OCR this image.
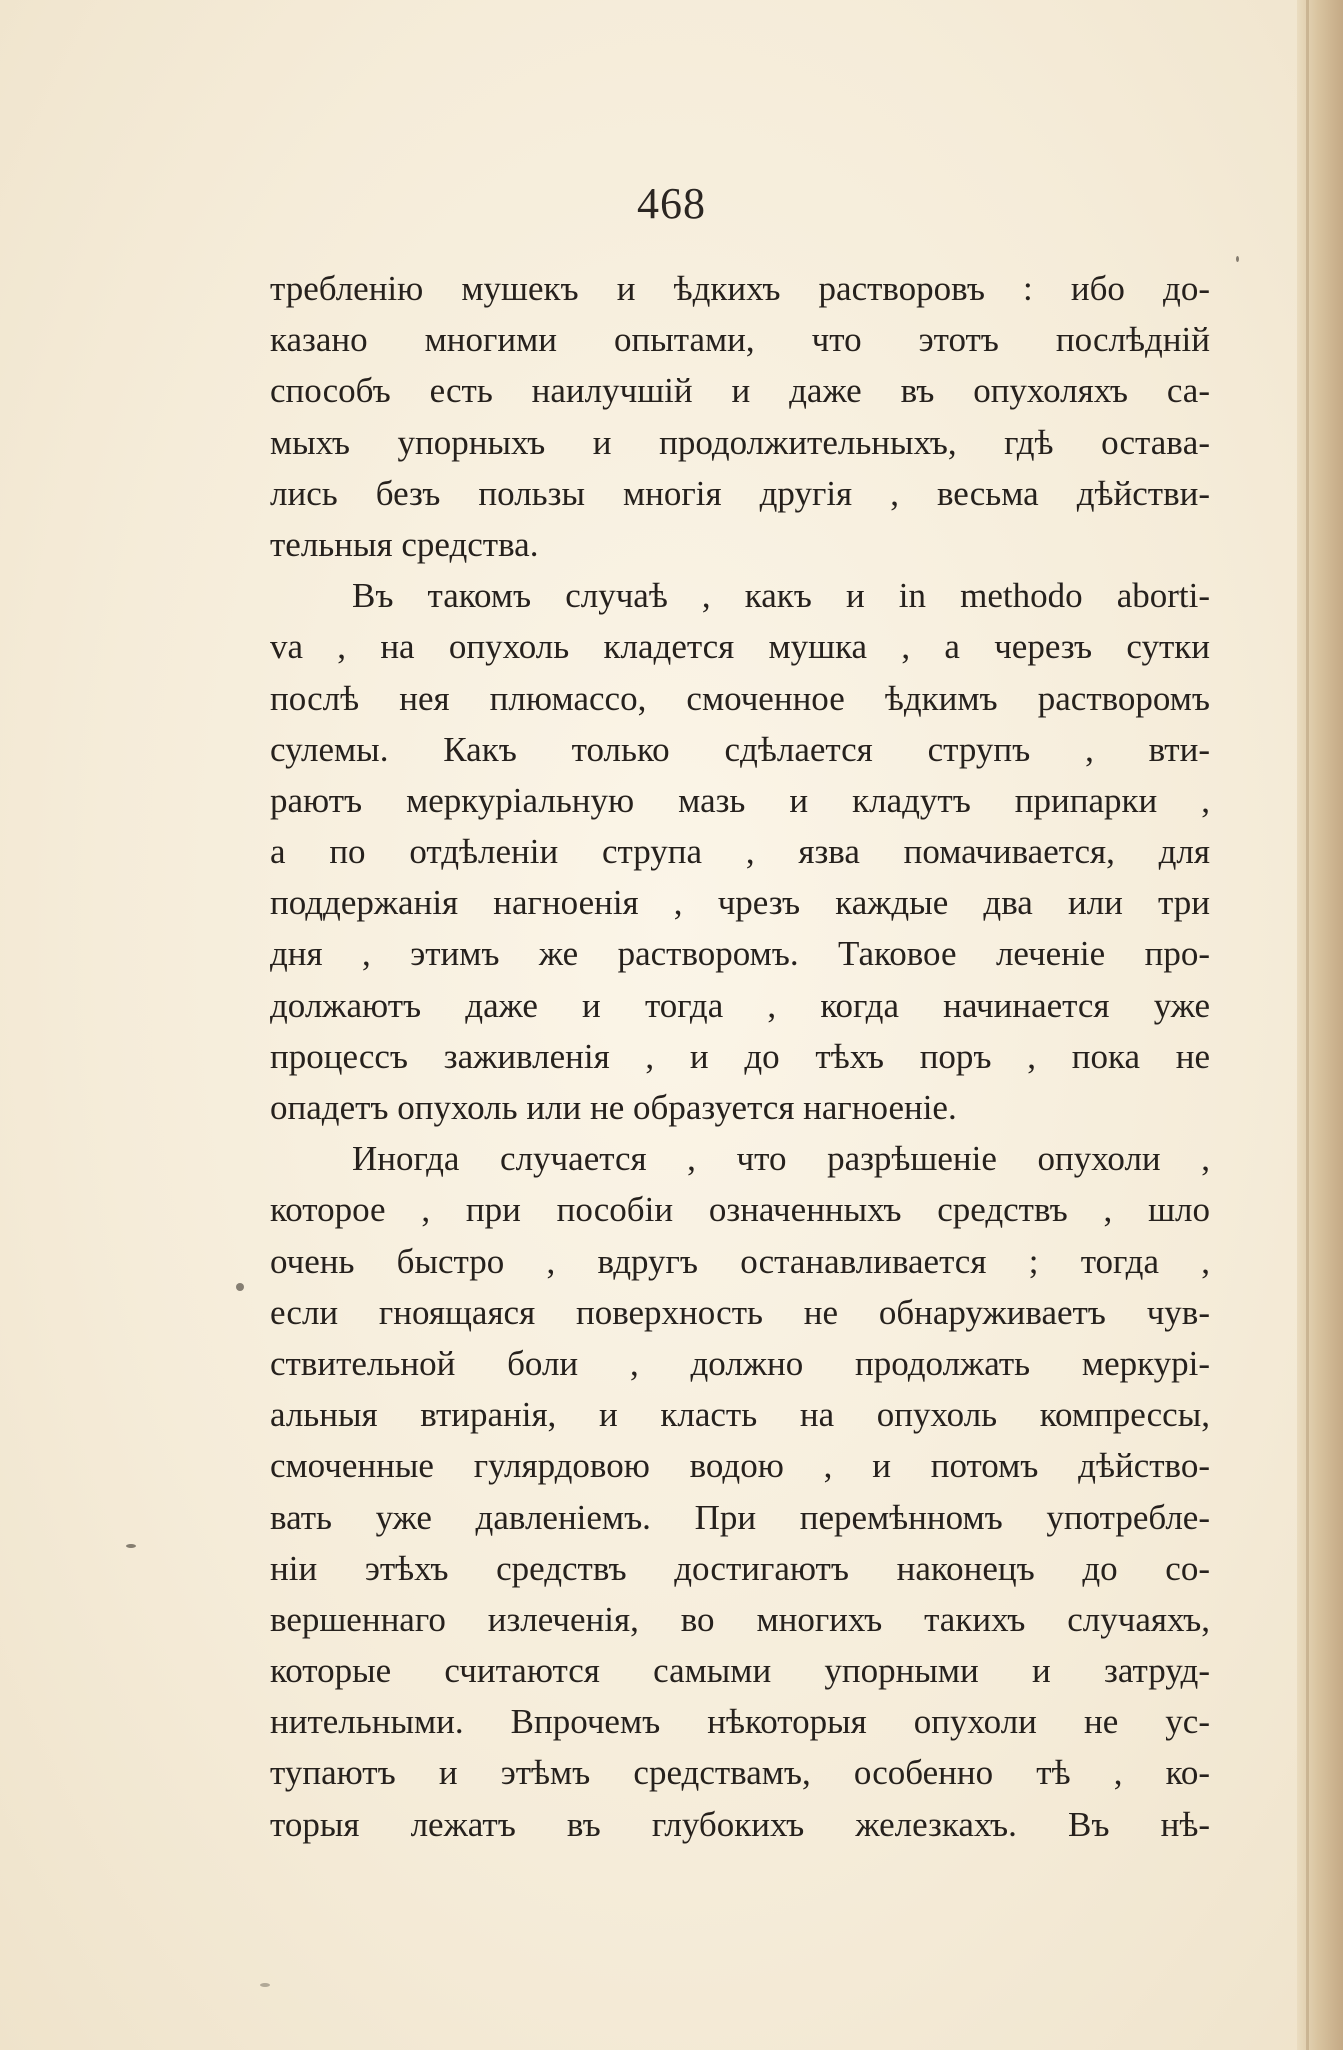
468
требленію мушекъ и ѣдкихъ растворовъ : ибо до-
казано многими опытами, что этотъ послѣдній
способъ есть наилучшій и даже въ опухоляхъ са-
мыхъ упорныхъ и продолжительныхъ, гдѣ оставa-
лись безъ пользы многія другія , весьма дѣйстви-
тельныя средства.
Въ такомъ случаѣ , какъ и in methodo aborti-
va , на опухоль кладется мушка , а черезъ сутки
послѣ нея плюмассо, смоченное ѣдкимъ растворомъ
сулемы. Какъ только сдѣлается струпъ , вти-
раютъ меркуріальную мазь и кладутъ припарки ,
а по отдѣленіи струпа , язва помачивается, для
поддержанія нагноенія , чрезъ каждые два или три
дня , этимъ же растворомъ. Таковое леченіе про-
должаютъ даже и тогда , когда начинается уже
процессъ заживленія , и до тѣхъ поръ , пока не
опадетъ опухоль или не образуется нагноеніе.
Иногда случается , что разрѣшеніе опухоли ,
которое , при пособіи означенныхъ средствъ , шло
очень быстро , вдругъ останавливается ; тогда ,
если гноящаяся поверхность не обнаруживаетъ чув-
ствительной боли , должно продолжать меркурі-
альныя втиранія, и класть на опухоль компрессы,
смоченные гулярдовою водою , и потомъ дѣйство-
вать уже давленіемъ. При перемѣнномъ употребле-
ніи этѣхъ средствъ достигаютъ наконецъ до со-
вершеннаго излеченія, во многихъ такихъ случаяхъ,
которые считаются самыми упорными и затруд-
нительными. Впрочемъ нѣкоторыя опухоли не ус-
тупаютъ и этѣмъ средствамъ, особенно тѣ , ко-
торыя лежатъ въ глубокихъ железкахъ. Въ нѣ-
